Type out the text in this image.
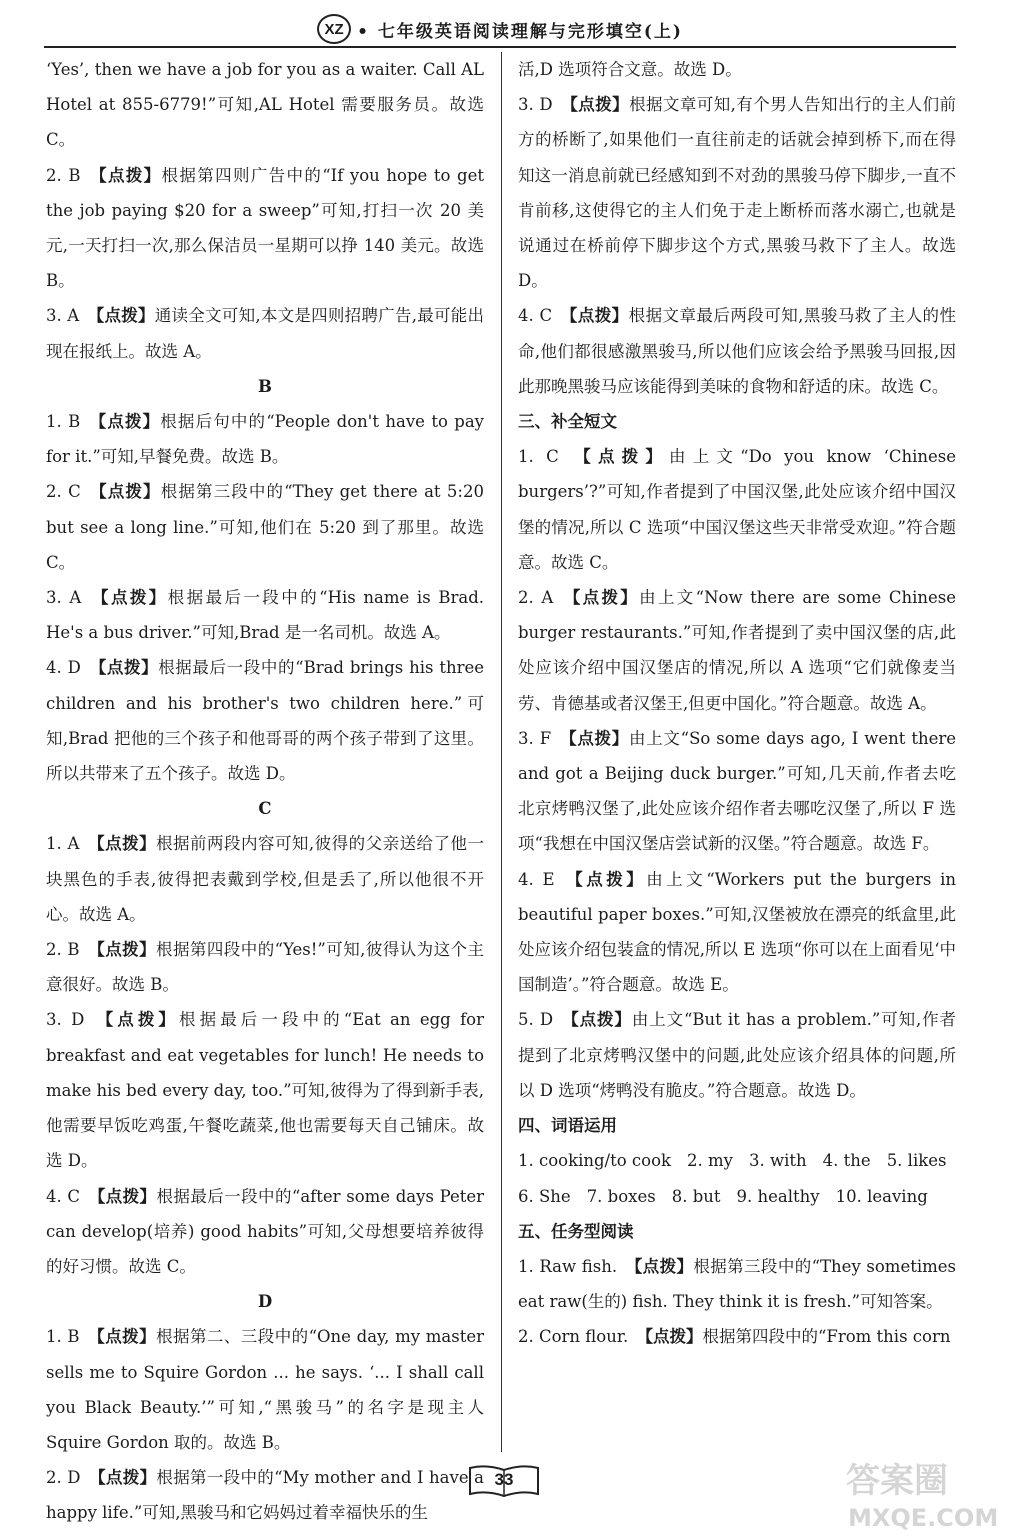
XZ • 七年级英语阅读理解与完形填空(上)
‘Yes’, then we have a job for you as a waiter. Call AL Hotel at 855-6779!”可知,AL Hotel 需要服务员。故选 C。
2. B  【点拨】根据第四则广告中的“If you hope to get the job paying $20 for a sweep”可知,打扫一次 20 美元,一天打扫一次,那么保洁员一星期可以挣 140 美元。故选 B。
3. A  【点拨】通读全文可知,本文是四则招聘广告,最可能出现在报纸上。故选 A。
B
1. B  【点拨】根据后句中的“People don't have to pay for it.”可知,早餐免费。故选 B。
2. C  【点拨】根据第三段中的“They get there at 5:20 but see a long line.”可知,他们在 5:20 到了那里。故选 C。
3. A  【点拨】根据最后一段中的“His name is Brad. He's a bus driver.”可知,Brad 是一名司机。故选 A。
4. D  【点拨】根据最后一段中的“Brad brings his three children and his brother's two children here.”可知,Brad 把他的三个孩子和他哥哥的两个孩子带到了这里。所以共带来了五个孩子。故选 D。
C
1. A  【点拨】根据前两段内容可知,彼得的父亲送给了他一块黑色的手表,彼得把表戴到学校,但是丢了,所以他很不开心。故选 A。
2. B  【点拨】根据第四段中的“Yes!”可知,彼得认为这个主意很好。故选 B。
3. D  【点拨】根据最后一段中的“Eat an egg for breakfast and eat vegetables for lunch! He needs to make his bed every day, too.”可知,彼得为了得到新手表,他需要早饭吃鸡蛋,午餐吃蔬菜,他也需要每天自己铺床。故选 D。
4. C  【点拨】根据最后一段中的“after some days Peter can develop(培养) good habits”可知,父母想要培养彼得的好习惯。故选 C。
D
1. B  【点拨】根据第二、三段中的“One day, my master sells me to Squire Gordon ... he says. ‘... I shall call you Black Beauty.’”可知,“黑骏马”的名字是现主人 Squire Gordon 取的。故选 B。
2. D  【点拨】根据第一段中的“My mother and I have a happy life.”可知,黑骏马和它妈妈过着幸福快乐的生
活,D 选项符合文意。故选 D。
3. D  【点拨】根据文章可知,有个男人告知出行的主人们前方的桥断了,如果他们一直往前走的话就会掉到桥下,而在得知这一消息前就已经感知到不对劲的黑骏马停下脚步,一直不肯前移,这使得它的主人们免于走上断桥而落水溺亡,也就是说通过在桥前停下脚步这个方式,黑骏马救下了主人。故选 D。
4. C  【点拨】根据文章最后两段可知,黑骏马救了主人的性命,他们都很感激黑骏马,所以他们应该会给予黑骏马回报,因此那晚黑骏马应该能得到美味的食物和舒适的床。故选 C。
三、补全短文
1. C  【点拨】由上文“Do you know ‘Chinese burgers’?”可知,作者提到了中国汉堡,此处应该介绍中国汉堡的情况,所以 C 选项“中国汉堡这些天非常受欢迎。”符合题意。故选 C。
2. A  【点拨】由上文“Now there are some Chinese burger restaurants.”可知,作者提到了卖中国汉堡的店,此处应该介绍中国汉堡店的情况,所以 A 选项“它们就像麦当劳、肯德基或者汉堡王,但更中国化。”符合题意。故选 A。
3. F  【点拨】由上文“So some days ago, I went there and got a Beijing duck burger.”可知,几天前,作者去吃北京烤鸭汉堡了,此处应该介绍作者去哪吃汉堡了,所以 F 选项“我想在中国汉堡店尝试新的汉堡。”符合题意。故选 F。
4. E  【点拨】由上文“Workers put the burgers in beautiful paper boxes.”可知,汉堡被放在漂亮的纸盒里,此处应该介绍包装盒的情况,所以 E 选项“你可以在上面看见‘中国制造’。”符合题意。故选 E。
5. D  【点拨】由上文“But it has a problem.”可知,作者提到了北京烤鸭汉堡中的问题,此处应该介绍具体的问题,所以 D 选项“烤鸭没有脆皮。”符合题意。故选 D。
四、词语运用
1. cooking/to cook 2. my 3. with 4. the 5. likes
6. She 7. boxes 8. but 9. healthy 10. leaving
五、任务型阅读
1. Raw fish.  【点拨】根据第三段中的“They sometimes eat raw(生的) fish. They think it is fresh.”可知答案。
2. Corn flour.  【点拨】根据第四段中的“From this corn
33	答案圈
MXQE.COM
